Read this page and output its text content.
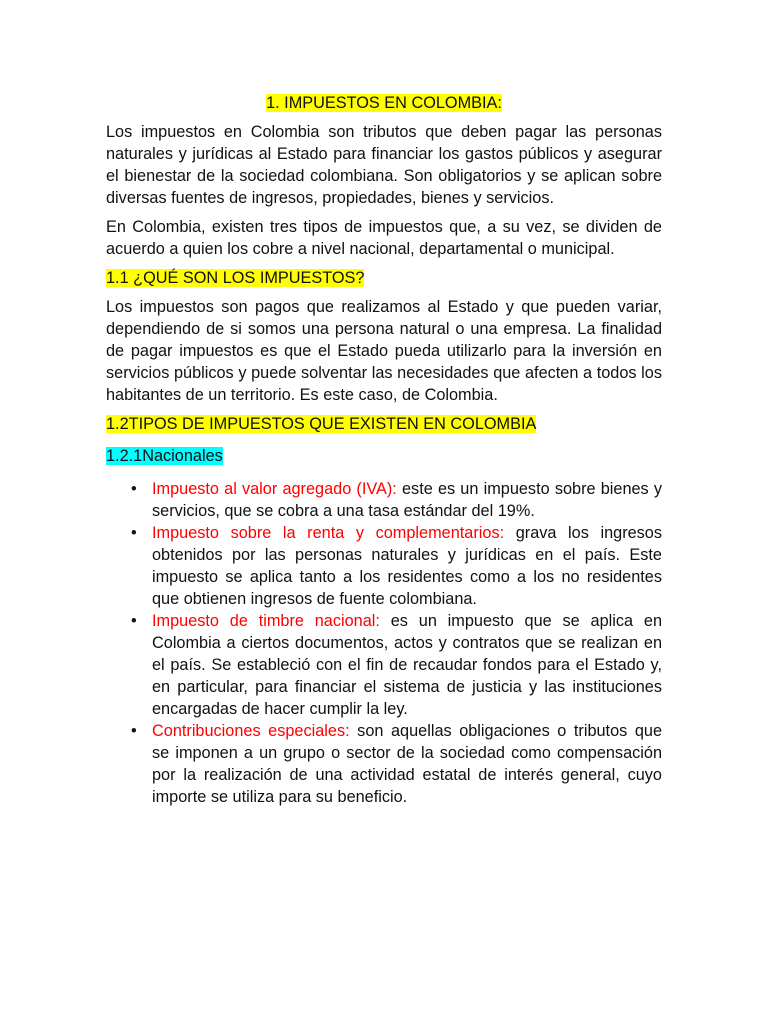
1. IMPUESTOS EN COLOMBIA:

Los impuestos en Colombia son tributos que deben pagar las personas naturales y jurídicas al Estado para financiar los gastos públicos y asegurar el bienestar de la sociedad colombiana. Son obligatorios y se aplican sobre diversas fuentes de ingresos, propiedades, bienes y servicios.

En Colombia, existen tres tipos de impuestos que, a su vez, se dividen de acuerdo a quien los cobre a nivel nacional, departamental o municipal.

1.1 ¿QUÉ SON LOS IMPUESTOS?

Los impuestos son pagos que realizamos al Estado y que pueden variar, dependiendo de si somos una persona natural o una empresa. La finalidad de pagar impuestos es que el Estado pueda utilizarlo para la inversión en servicios públicos y puede solventar las necesidades que afecten a todos los habitantes de un territorio. Es este caso, de Colombia.

1.2TIPOS DE IMPUESTOS QUE EXISTEN EN COLOMBIA

1.2.1Nacionales

• Impuesto al valor agregado (IVA): este es un impuesto sobre bienes y servicios, que se cobra a una tasa estándar del 19%.
• Impuesto sobre la renta y complementarios: grava los ingresos obtenidos por las personas naturales y jurídicas en el país. Este impuesto se aplica tanto a los residentes como a los no residentes que obtienen ingresos de fuente colombiana.
• Impuesto de timbre nacional: es un impuesto que se aplica en Colombia a ciertos documentos, actos y contratos que se realizan en el país. Se estableció con el fin de recaudar fondos para el Estado y, en particular, para financiar el sistema de justicia y las instituciones encargadas de hacer cumplir la ley.
• Contribuciones especiales: son aquellas obligaciones o tributos que se imponen a un grupo o sector de la sociedad como compensación por la realización de una actividad estatal de interés general, cuyo importe se utiliza para su beneficio.
